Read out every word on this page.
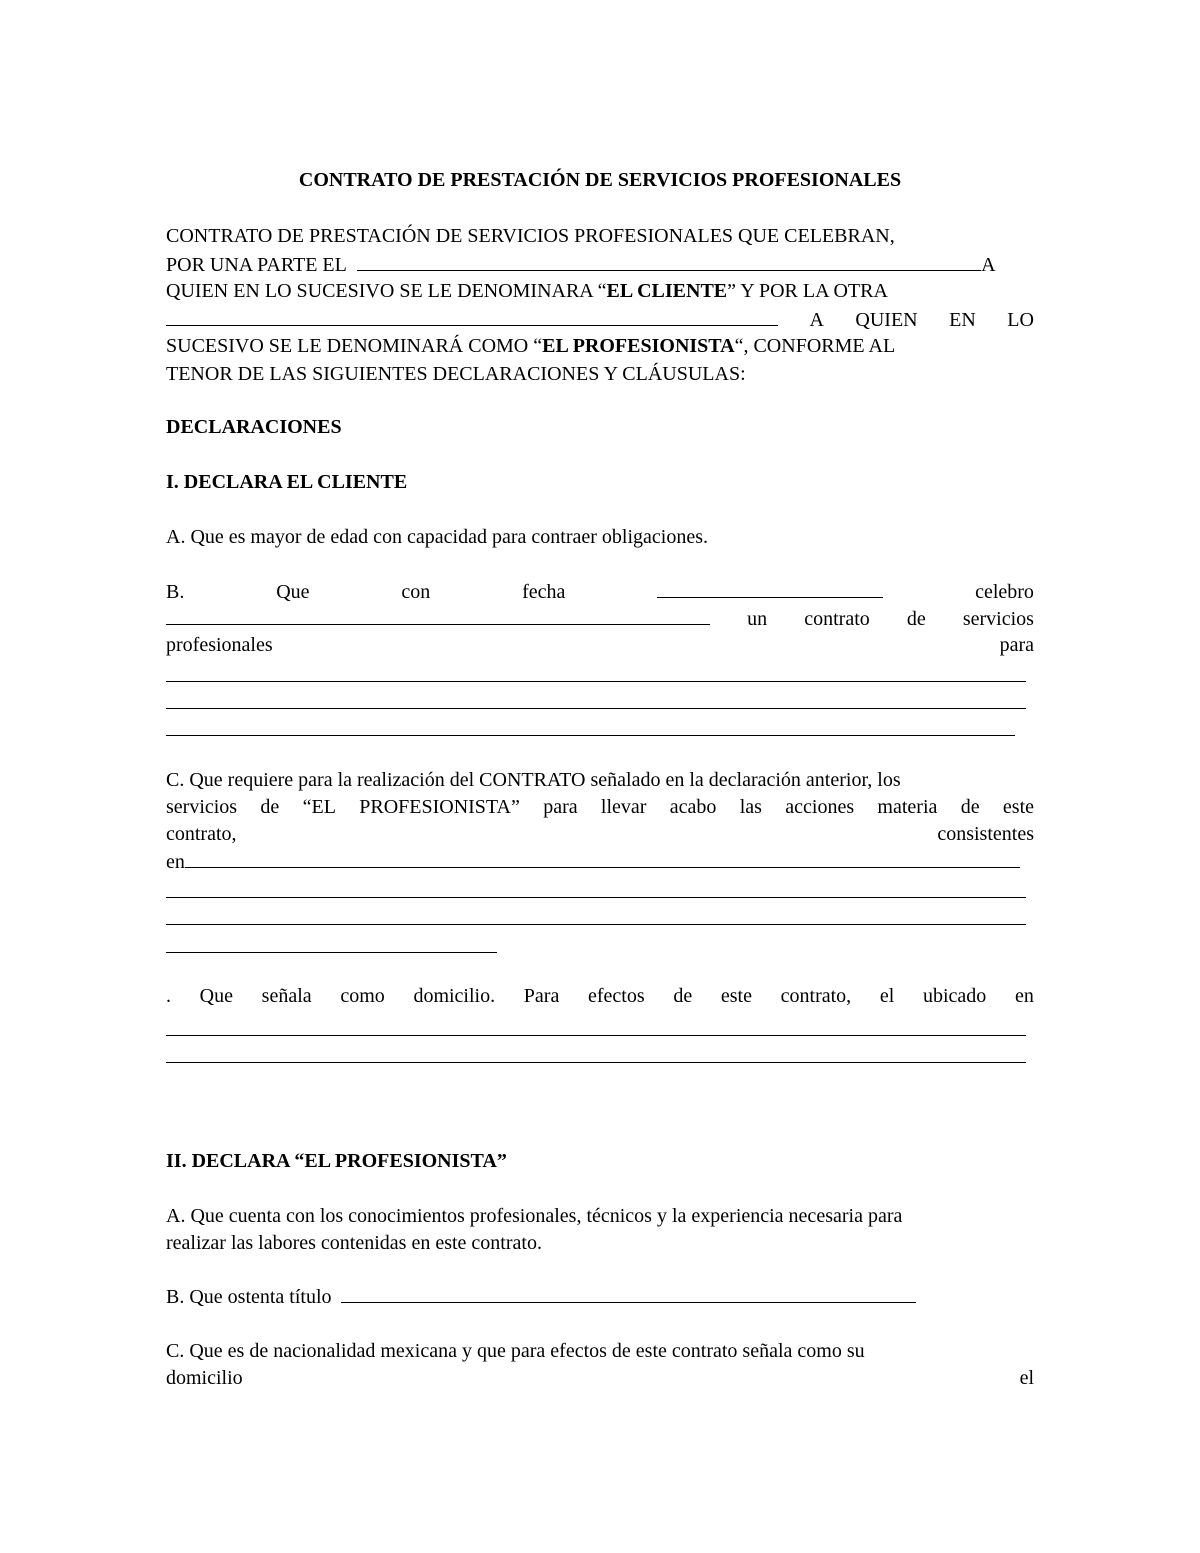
CONTRATO DE PRESTACIÓN DE SERVICIOS PROFESIONALES
CONTRATO DE PRESTACIÓN DE SERVICIOS PROFESIONALES QUE CELEBRAN,
POR UNA PARTE EL	A
QUIEN EN LO SUCESIVO SE LE DENOMINARA “EL CLIENTE” Y POR LA OTRA
A QUIEN EN LO
SUCESIVO SE LE DENOMINARÁ COMO “EL PROFESIONISTA“, CONFORME AL
TENOR DE LAS SIGUIENTES DECLARACIONES Y CLÁUSULAS:
DECLARACIONES
I. DECLARA EL CLIENTE
A. Que es mayor de edad con capacidad para contraer obligaciones.
B.	Que	con	fecha	celebro
un contrato de servicios
profesionales	para
C. Que requiere para la realización del CONTRATO señalado en la declaración anterior, los
servicios de “EL PROFESIONISTA” para llevar acabo las acciones materia de este
contrato,	consistentes
en
. Que señala como domicilio. Para efectos de este contrato, el ubicado en
II. DECLARA “EL PROFESIONISTA”
A. Que cuenta con los conocimientos profesionales, técnicos y la experiencia necesaria para
realizar las labores contenidas en este contrato.
B. Que ostenta título
C. Que es de nacionalidad mexicana y que para efectos de este contrato señala como su
domicilio	el
